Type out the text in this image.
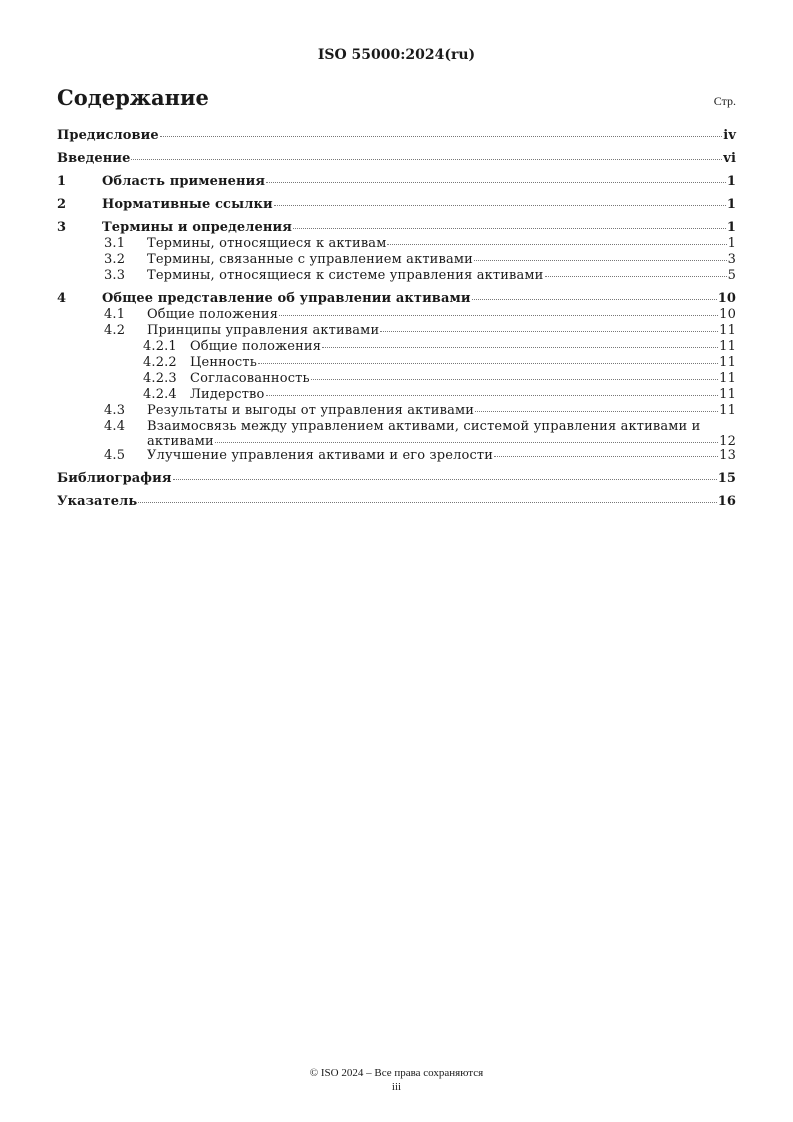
ISO 55000:2024(ru)
Содержание	Стр.
Предисловие	iv
Введение	vi
1	Область применения	1
2	Нормативные ссылки	1
3	Термины и определения	1
3.1	Термины, относящиеся к активам	1
3.2	Термины, связанные с управлением активами	3
3.3	Термины, относящиеся к системе управления активами	5
4	Общее представление об управлении активами	10
4.1	Общие положения	10
4.2	Принципы управления активами	11
4.2.1	Общие положения	11
4.2.2	Ценность	11
4.2.3	Согласованность	11
4.2.4	Лидерство	11
4.3	Результаты и выгоды от управления активами	11
4.4	Взаимосвязь между управлением активами, системой управления активами и
активами	12
4.5	Улучшение управления активами и его зрелости	13
Библиография	15
Указатель	16
© ISO 2024 – Все права сохраняются
iii
